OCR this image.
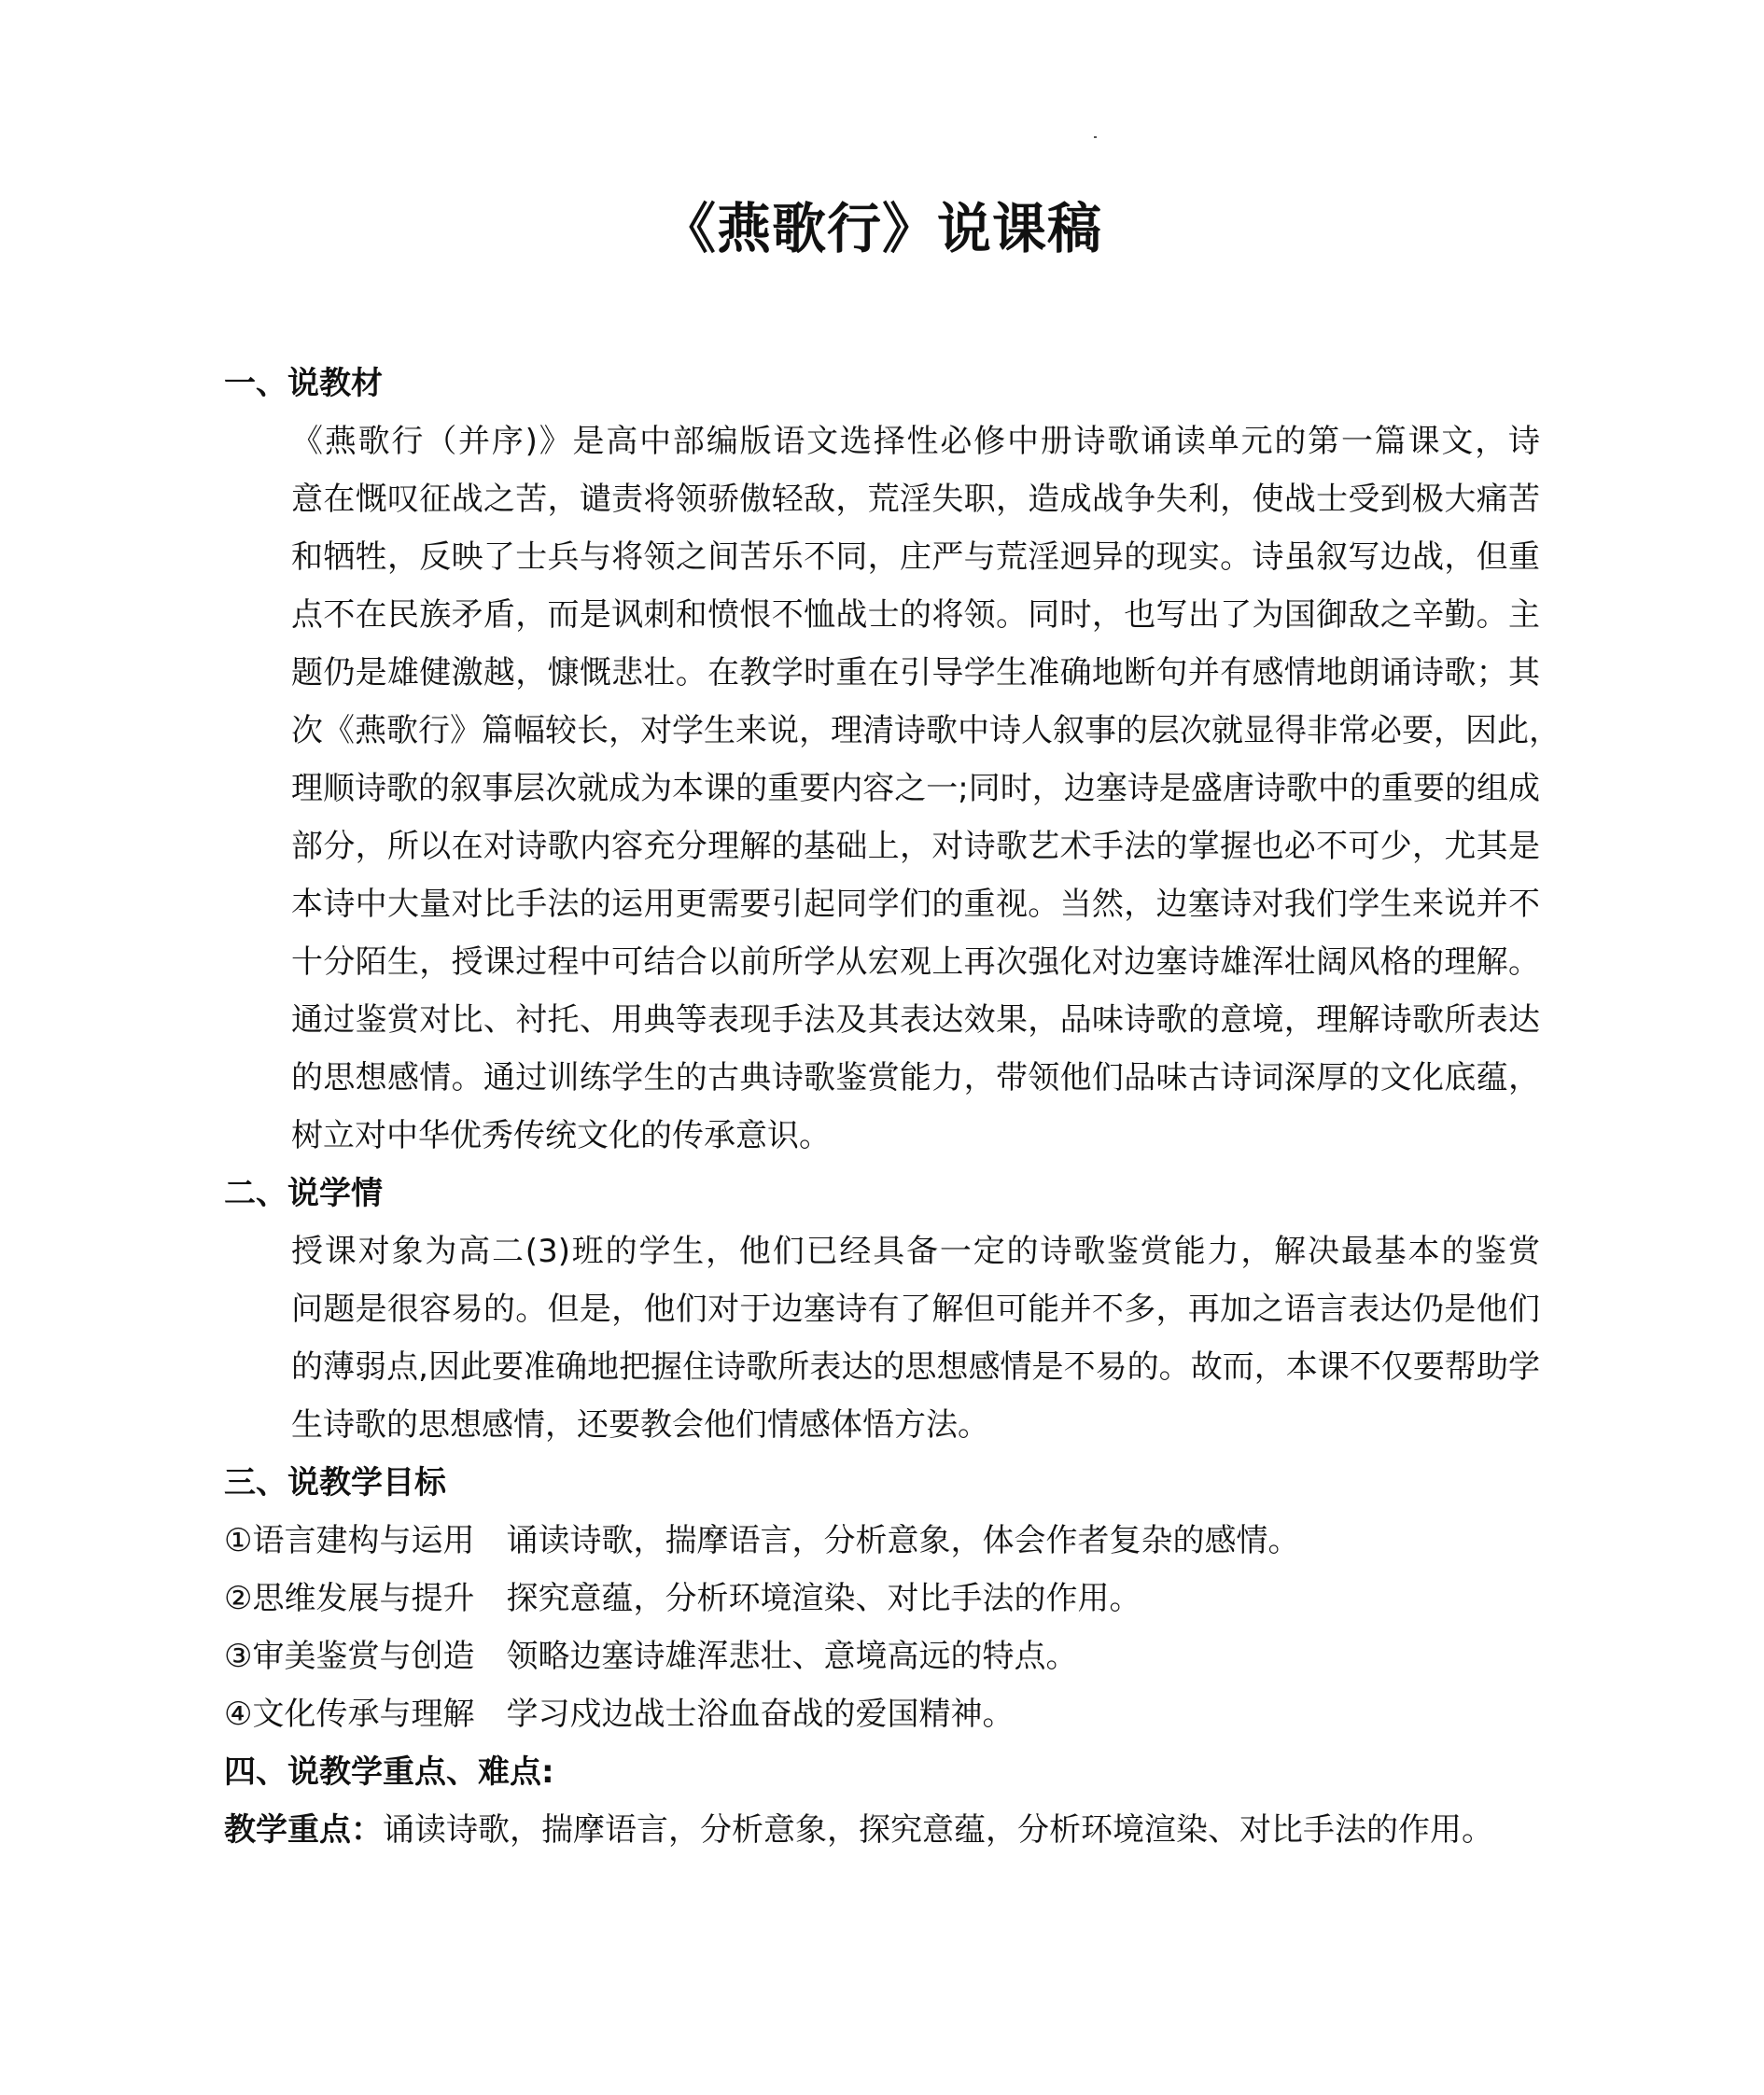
《燕歌行》说课稿
一、说教材
《燕歌行（并序)》是高中部编版语文选择性必修中册诗歌诵读单元的第一篇课文，诗
意在慨叹征战之苦，谴责将领骄傲轻敌，荒淫失职，造成战争失利，使战士受到极大痛苦
和牺牲，反映了士兵与将领之间苦乐不同，庄严与荒淫迥异的现实。诗虽叙写边战，但重
点不在民族矛盾，而是讽刺和愤恨不恤战士的将领。同时，也写出了为国御敌之辛勤。主
题仍是雄健激越，慷慨悲壮。在教学时重在引导学生准确地断句并有感情地朗诵诗歌；其
次《燕歌行》篇幅较长，对学生来说，理清诗歌中诗人叙事的层次就显得非常必要，因此，
理顺诗歌的叙事层次就成为本课的重要内容之一;同时，边塞诗是盛唐诗歌中的重要的组成
部分，所以在对诗歌内容充分理解的基础上，对诗歌艺术手法的掌握也必不可少，尤其是
本诗中大量对比手法的运用更需要引起同学们的重视。当然，边塞诗对我们学生来说并不
十分陌生，授课过程中可结合以前所学从宏观上再次强化对边塞诗雄浑壮阔风格的理解。
通过鉴赏对比、衬托、用典等表现手法及其表达效果，品味诗歌的意境，理解诗歌所表达
的思想感情。通过训练学生的古典诗歌鉴赏能力，带领他们品味古诗词深厚的文化底蕴，
树立对中华优秀传统文化的传承意识。
二、说学情
授课对象为高二(3)班的学生，他们已经具备一定的诗歌鉴赏能力，解决最基本的鉴赏
问题是很容易的。但是，他们对于边塞诗有了解但可能并不多，再加之语言表达仍是他们
的薄弱点,因此要准确地把握住诗歌所表达的思想感情是不易的。故而，本课不仅要帮助学
生诗歌的思想感情，还要教会他们情感体悟方法。
三、说教学目标
①语言建构与运用 诵读诗歌，揣摩语言，分析意象，体会作者复杂的感情。
②思维发展与提升 探究意蕴，分析环境渲染、对比手法的作用。
③审美鉴赏与创造 领略边塞诗雄浑悲壮、意境高远的特点。
④文化传承与理解 学习戍边战士浴血奋战的爱国精神。
四、说教学重点、难点:
教学重点：诵读诗歌，揣摩语言，分析意象，探究意蕴，分析环境渲染、对比手法的作用。
